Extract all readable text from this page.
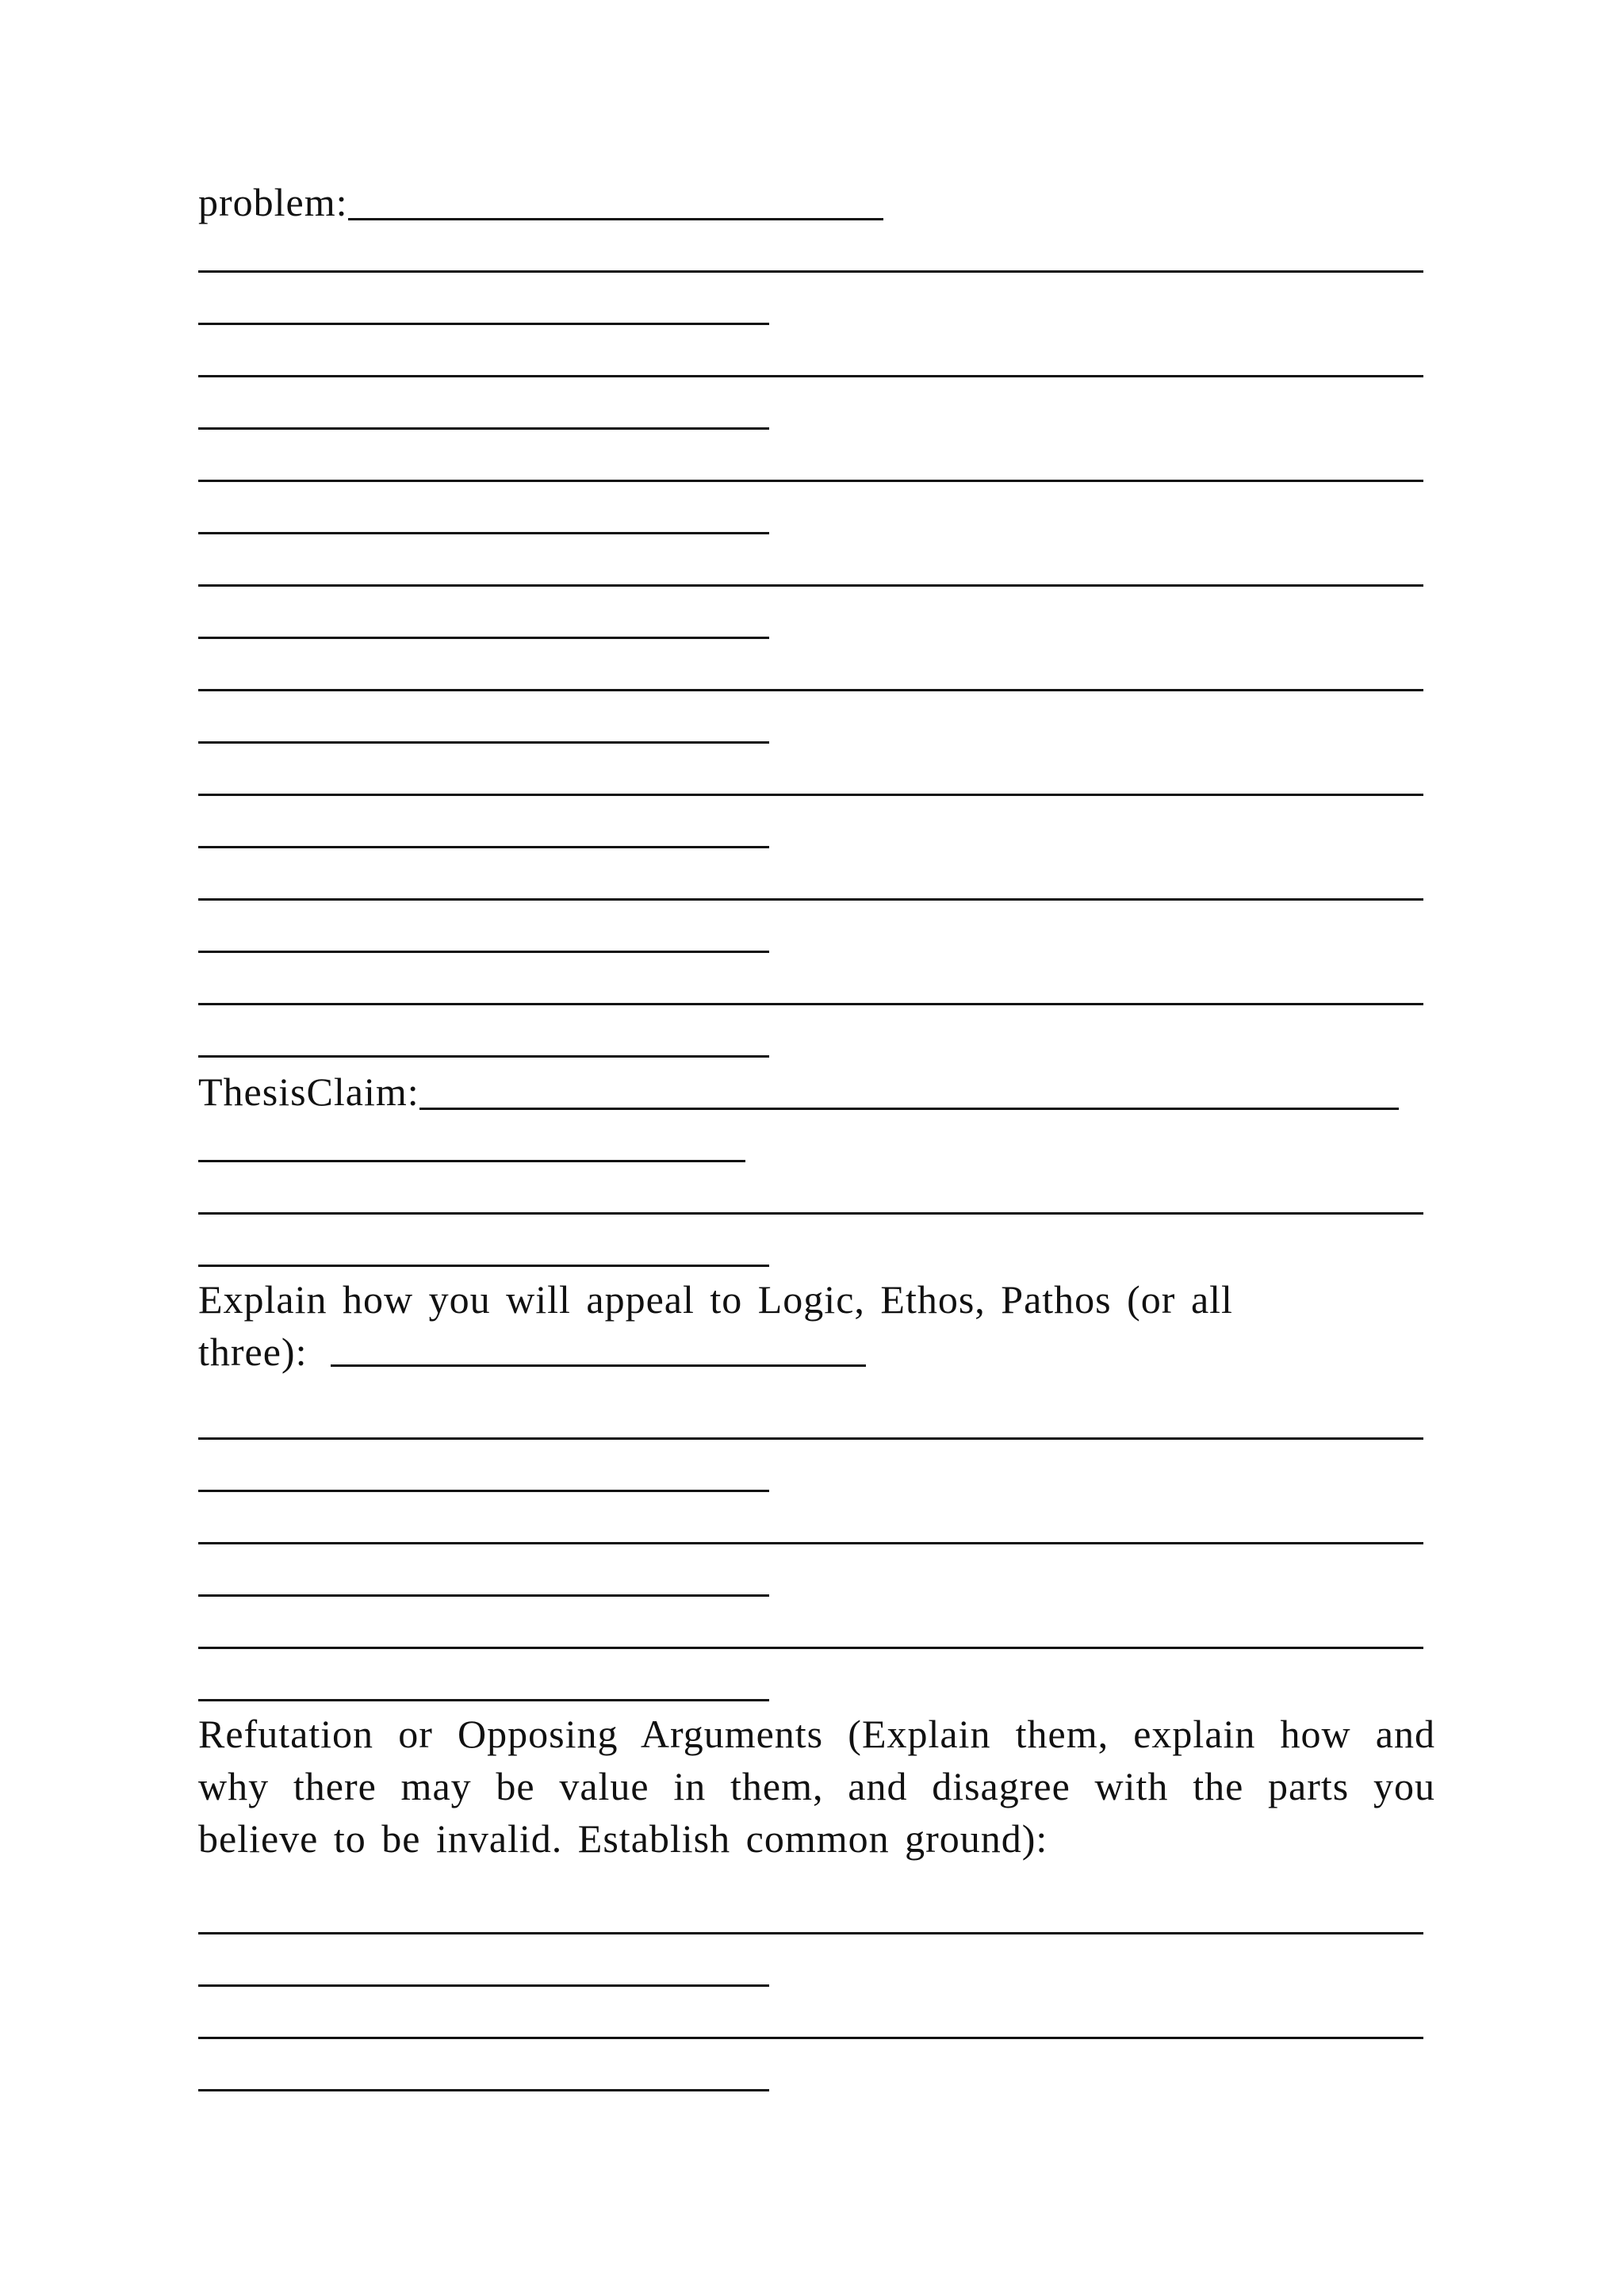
problem:
ThesisClaim:
Explain how you will appeal to Logic, Ethos, Pathos (or all
three):
Refutation or Opposing Arguments (Explain them, explain how and why there may be value in them, and disagree with the parts you believe to be invalid. Establish common ground):
